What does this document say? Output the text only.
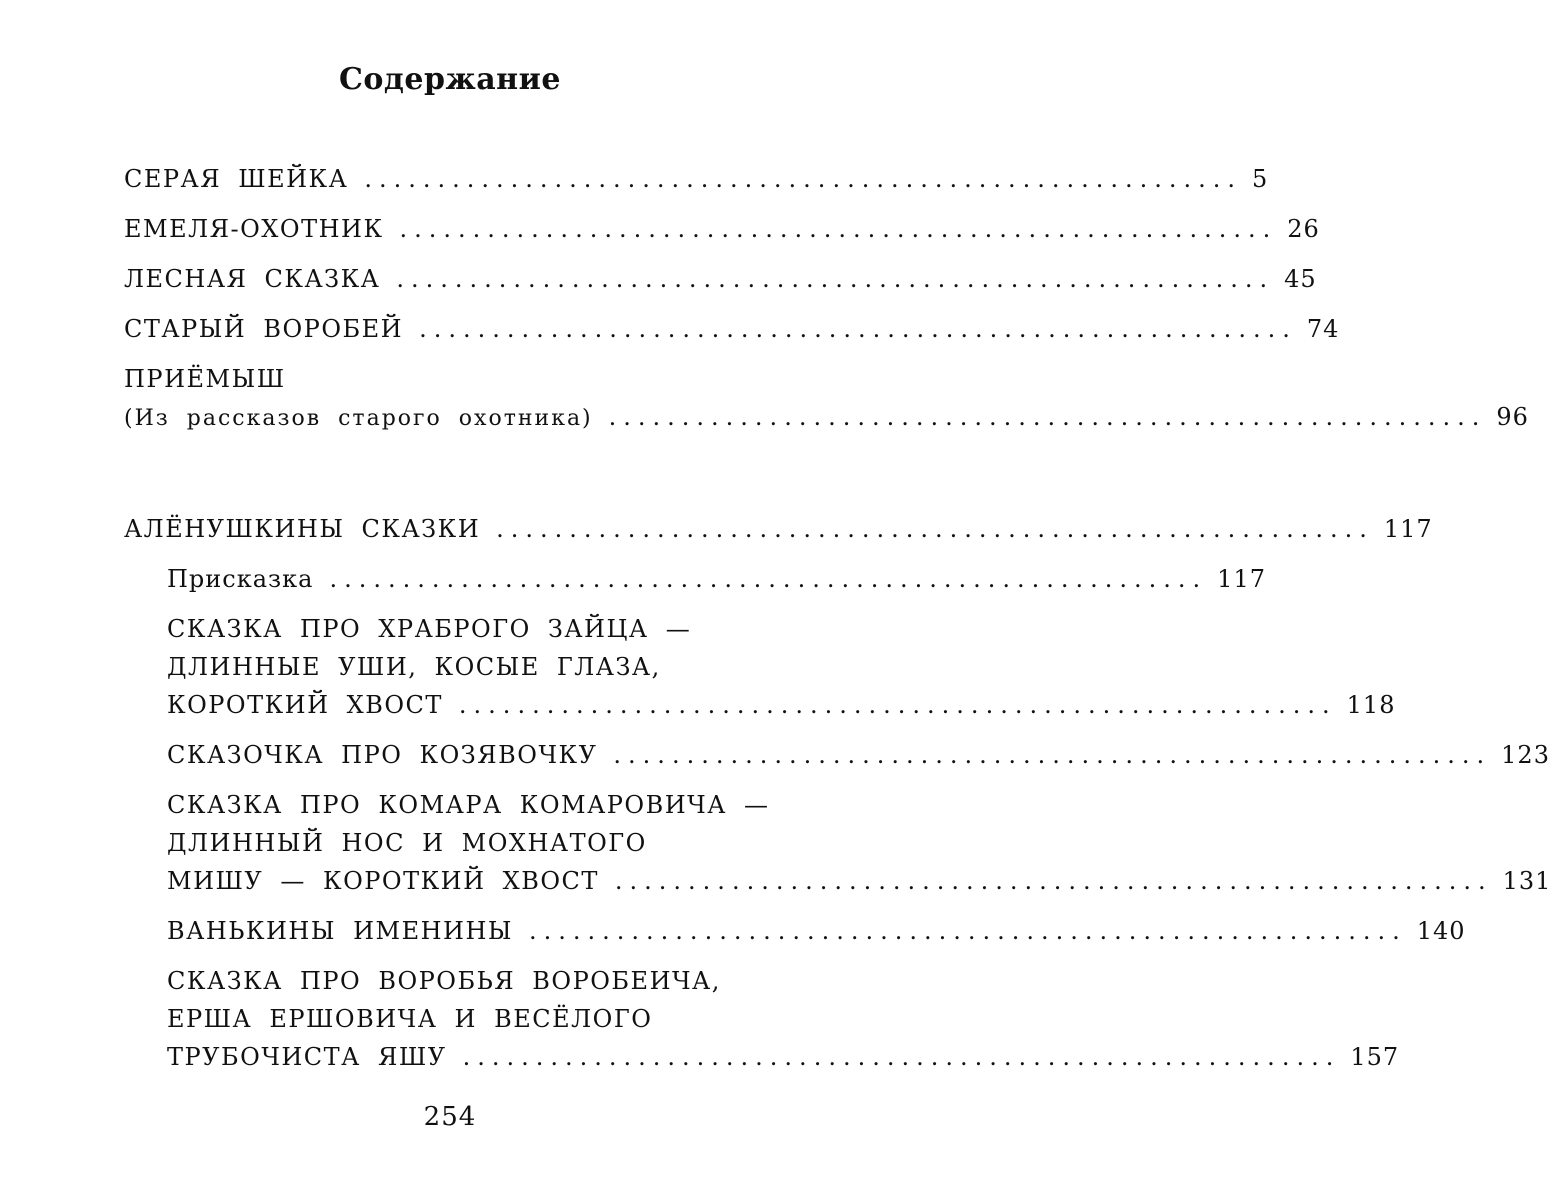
Содержание
СЕРАЯ ШЕЙКА ............................................................ 5
ЕМЕЛЯ-ОХОТНИК ............................................................ 26
ЛЕСНАЯ СКАЗКА ............................................................ 45
СТАРЫЙ ВОРОБЕЙ ............................................................ 74
ПРИЁМЫШ
(Из рассказов старого охотника) ............................................................ 96
АЛЁНУШКИНЫ СКАЗКИ ............................................................ 117
Присказка ............................................................ 117
СКАЗКА ПРО ХРАБРОГО ЗАЙЦА —
ДЛИННЫЕ УШИ, КОСЫЕ ГЛАЗА,
КОРОТКИЙ ХВОСТ ............................................................ 118
СКАЗОЧКА ПРО КОЗЯВОЧКУ ............................................................ 123
СКАЗКА ПРО КОМАРА КОМАРОВИЧА —
ДЛИННЫЙ НОС И МОХНАТОГО
МИШУ — КОРОТКИЙ ХВОСТ ............................................................ 131
ВАНЬКИНЫ ИМЕНИНЫ ............................................................ 140
СКАЗКА ПРО ВОРОБЬЯ ВОРОБЕИЧА,
ЕРША ЕРШОВИЧА И ВЕСЁЛОГО
ТРУБОЧИСТА ЯШУ ............................................................ 157
254
